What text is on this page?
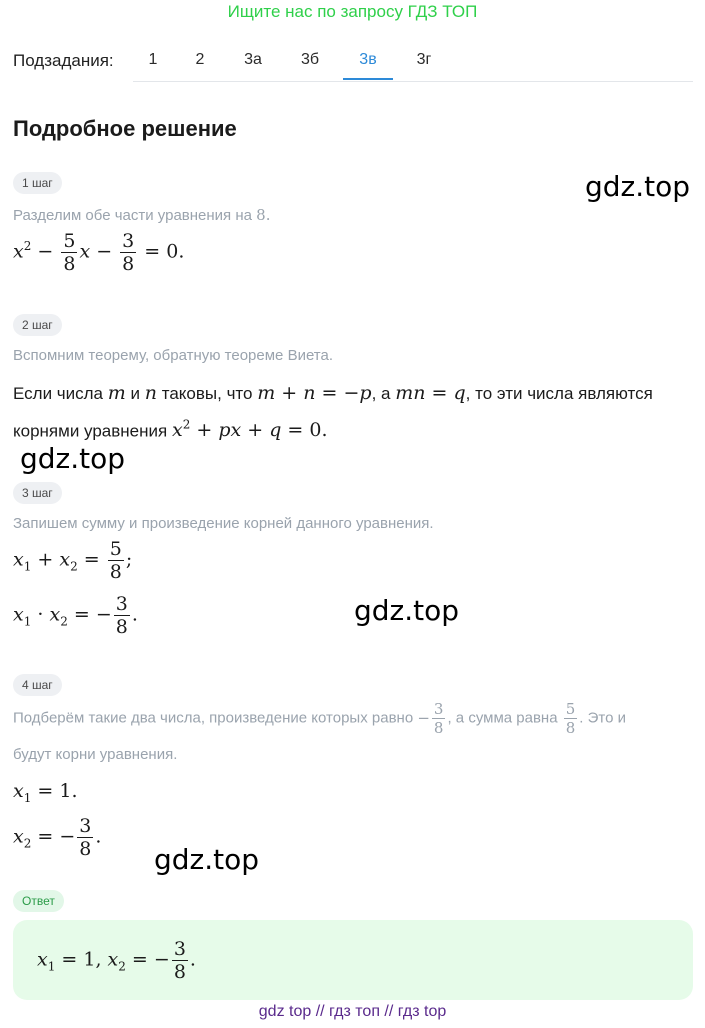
Ищите нас по запросу ГДЗ ТОП
Подзадания:	1	2	3а	3б	3в	3г
Подробное решение
1 шаг	gdz.top
Разделим обе части уравнения на 8.
$x^2 - \frac{5}{8}$ $x - \frac{3}{8} = 0$.
2 шаг
Вспомним теорему, обратную теореме Виета.
Если числа m и n таковы, что m + n = −p, а mn = q, то эти числа являются
корнями уравнения $x^2$ + px + q = 0.
gdz.top
3 шаг
Запишем сумму и произведение корней данного уравнения.
$x_1 + x_2 = \frac{5}{8}$ ;
$x_1 \cdot x_2$ = − $\frac{3}{8}$ .	gdz.top
4 шаг
Подберём такие два числа, произведение которых равно − $\frac{3}{8}$ , а сумма равна $\frac{5}{8}$ . Это и
будут корни уравнения.
$x_1 = 1$.
$x_2$ = − $\frac{3}{8}$ .
gdz.top
Ответ
$x_1 = 1$, $x_2$ = − $\frac{3}{8}$ .
gdz top // гдз топ // гдз top
